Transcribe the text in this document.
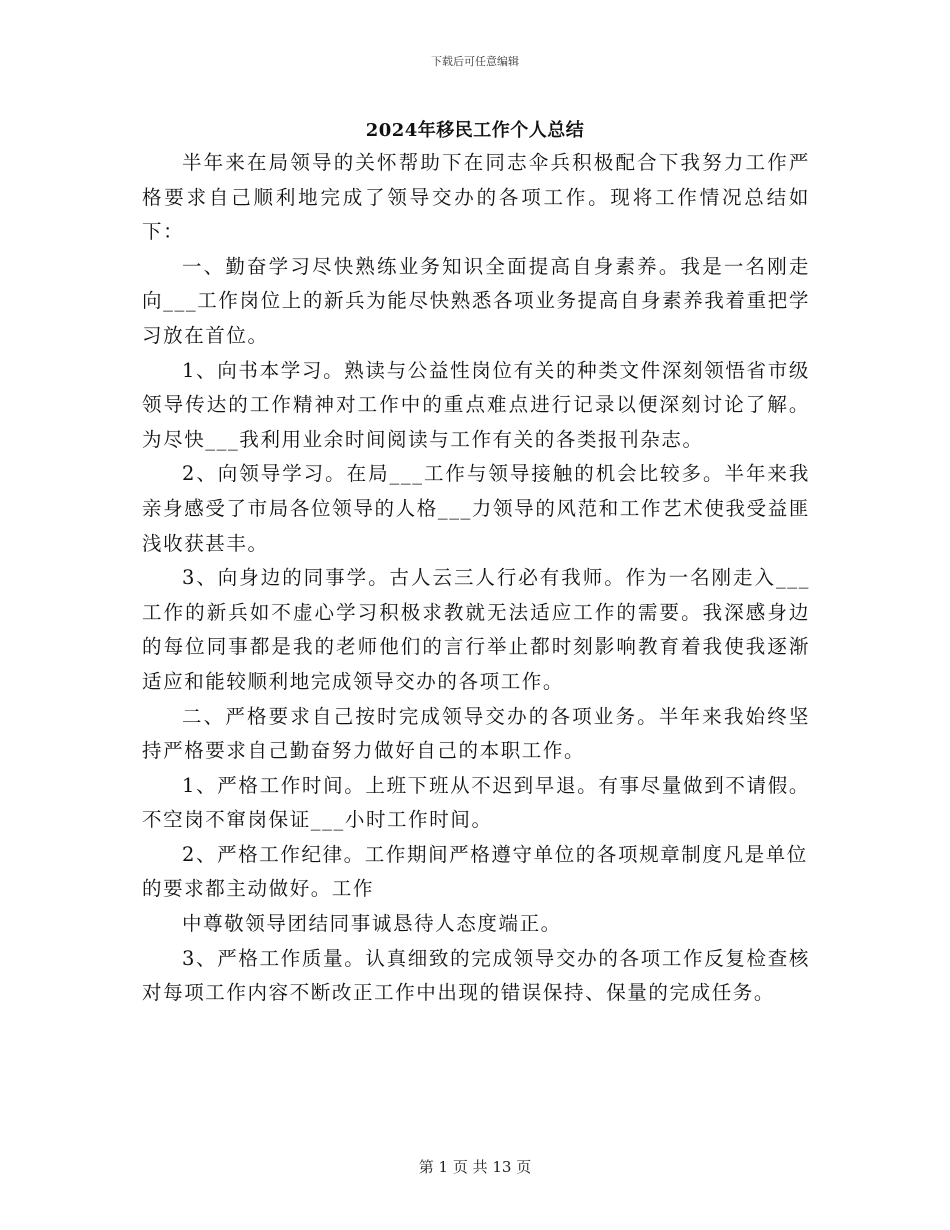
下载后可任意编辑
2024年移民工作个人总结

半年来在局领导的关怀帮助下在同志伞兵积极配合下我努力工作严格要求自己顺利地完成了领导交办的各项工作。现将工作情况总结如下：

一、勤奋学习尽快熟练业务知识全面提高自身素养。我是一名刚走向___工作岗位上的新兵为能尽快熟悉各项业务提高自身素养我着重把学习放在首位。

1、向书本学习。熟读与公益性岗位有关的种类文件深刻领悟省市级领导传达的工作精神对工作中的重点难点进行记录以便深刻讨论了解。为尽快___我利用业余时间阅读与工作有关的各类报刊杂志。

2、向领导学习。在局___工作与领导接触的机会比较多。半年来我亲身感受了市局各位领导的人格___力领导的风范和工作艺术使我受益匪浅收获甚丰。

3、向身边的同事学。古人云三人行必有我师。作为一名刚走入___工作的新兵如不虚心学习积极求教就无法适应工作的需要。我深感身边的每位同事都是我的老师他们的言行举止都时刻影响教育着我使我逐渐适应和能较顺利地完成领导交办的各项工作。

二、严格要求自己按时完成领导交办的各项业务。半年来我始终坚持严格要求自己勤奋努力做好自己的本职工作。

1、严格工作时间。上班下班从不迟到早退。有事尽量做到不请假。不空岗不窜岗保证___小时工作时间。

2、严格工作纪律。工作期间严格遵守单位的各项规章制度凡是单位的要求都主动做好。工作

中尊敬领导团结同事诚恳待人态度端正。

3、严格工作质量。认真细致的完成领导交办的各项工作反复检查核对每项工作内容不断改正工作中出现的错误保持、保量的完成任务。

第 1 页 共 13 页
